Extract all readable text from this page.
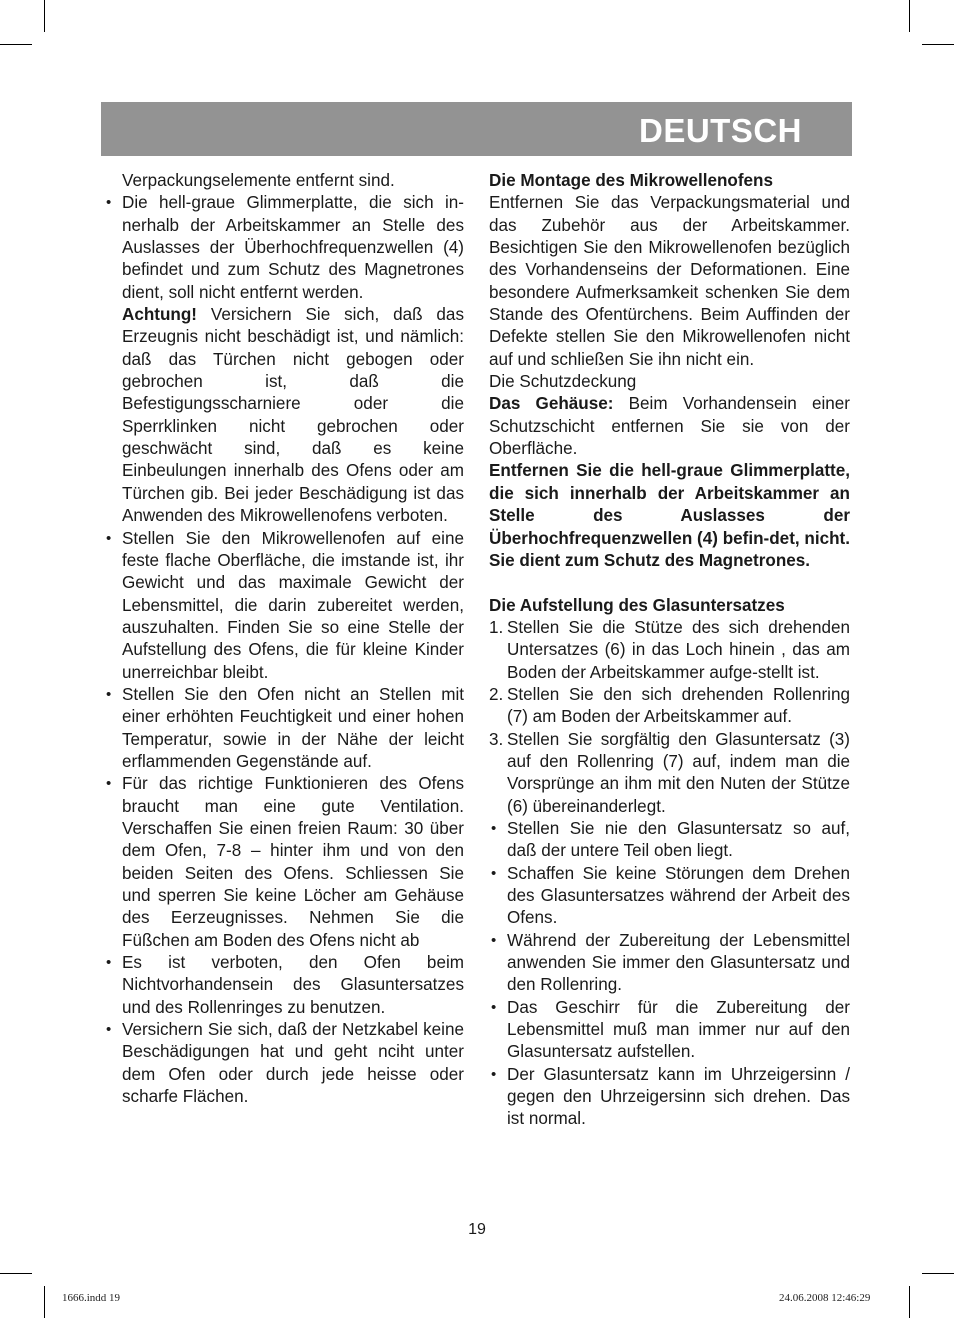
DEUTSCH

Verpackungselemente entfernt sind.

• Die hell-graue Glimmerplatte, die sich in-nerhalb der Arbeitskammer an Stelle des Auslasses der Überhochfrequenzwellen (4) befindet und zum Schutz des Magnetrones dient, soll nicht entfernt werden.

Achtung! Versichern Sie sich, daß das Erzeugnis nicht beschädigt ist, und nämlich: daß das Türchen nicht gebogen oder gebrochen ist, daß die Befestigungsscharniere oder die Sperrklinken nicht gebrochen oder geschwächt sind, daß es keine Einbeulungen innerhalb des Ofens oder am Türchen gib. Bei jeder Beschädigung ist das Anwenden des Mikrowellenofens verboten.

• Stellen Sie den Mikrowellenofen auf eine feste flache Oberfläche, die imstande ist, ihr Gewicht und das maximale Gewicht der Lebensmittel, die darin zubereitet werden, auszuhalten. Finden Sie so eine Stelle der Aufstellung des Ofens, die für kleine Kinder unerreichbar bleibt.

• Stellen Sie den Ofen nicht an Stellen mit einer erhöhten Feuchtigkeit und einer hohen Temperatur, sowie in der Nähe der leicht erflammenden Gegenstände auf.

• Für das richtige Funktionieren des Ofens braucht man eine gute Ventilation. Verschaffen Sie einen freien Raum: 30 über dem Ofen, 7-8 – hinter ihm und von den beiden Seiten des Ofens. Schliessen Sie und sperren Sie keine Löcher am Gehäuse des Eerzeugnisses. Nehmen Sie die Füßchen am Boden des Ofens nicht ab

• Es ist verboten, den Ofen beim Nichtvorhandensein des Glasuntersatzes und des Rollenringes zu benutzen.

• Versichern Sie sich, daß der Netzkabel keine Beschädigungen hat und geht nciht unter dem Ofen oder durch jede heisse oder scharfe Flächen.

Die Montage des Mikrowellenofens

Entfernen Sie das Verpackungsmaterial und das Zubehör aus der Arbeitskammer. Besichtigen Sie den Mikrowellenofen bezüglich des Vorhandenseins der Deformationen. Eine besondere Aufmerksamkeit schenken Sie dem Stande des Ofentürchens. Beim Auffinden der Defekte stellen Sie den Mikrowellenofen nicht auf und schließen Sie ihn nicht ein.

Die Schutzdeckung

Das Gehäuse: Beim Vorhandensein einer Schutzschicht entfernen Sie sie von der Oberfläche.

Entfernen Sie die hell-graue Glimmerplatte, die sich innerhalb der Arbeitskammer an Stelle des Auslasses der Überhochfrequenzwellen (4) befin-det, nicht. Sie dient zum Schutz des Magnetrones.

Die Aufstellung des Glasuntersatzes

1. Stellen Sie die Stütze des sich drehenden Untersatzes (6) in das Loch hinein , das am Boden der Arbeitskammer aufge-stellt ist.

2. Stellen Sie den sich drehenden Rollenring (7) am Boden der Arbeitskammer auf.

3. Stellen Sie sorgfältig den Glasuntersatz (3) auf den Rollenring (7) auf, indem man die Vorsprünge an ihm mit den Nuten der Stütze (6) übereinanderlegt.

• Stellen Sie nie den Glasuntersatz so auf, daß der untere Teil oben liegt.

• Schaffen Sie keine Störungen dem Drehen des Glasuntersatzes während der Arbeit des Ofens.

• Während der Zubereitung der Lebensmittel anwenden Sie immer den Glasuntersatz und den Rollenring.

• Das Geschirr für die Zubereitung der Lebensmittel muß man immer nur auf den Glasuntersatz aufstellen.

• Der Glasuntersatz kann im Uhrzeigersinn / gegen den Uhrzeigersinn sich drehen. Das ist normal.

19
1666.indd 19	24.06.2008 12:46:29
